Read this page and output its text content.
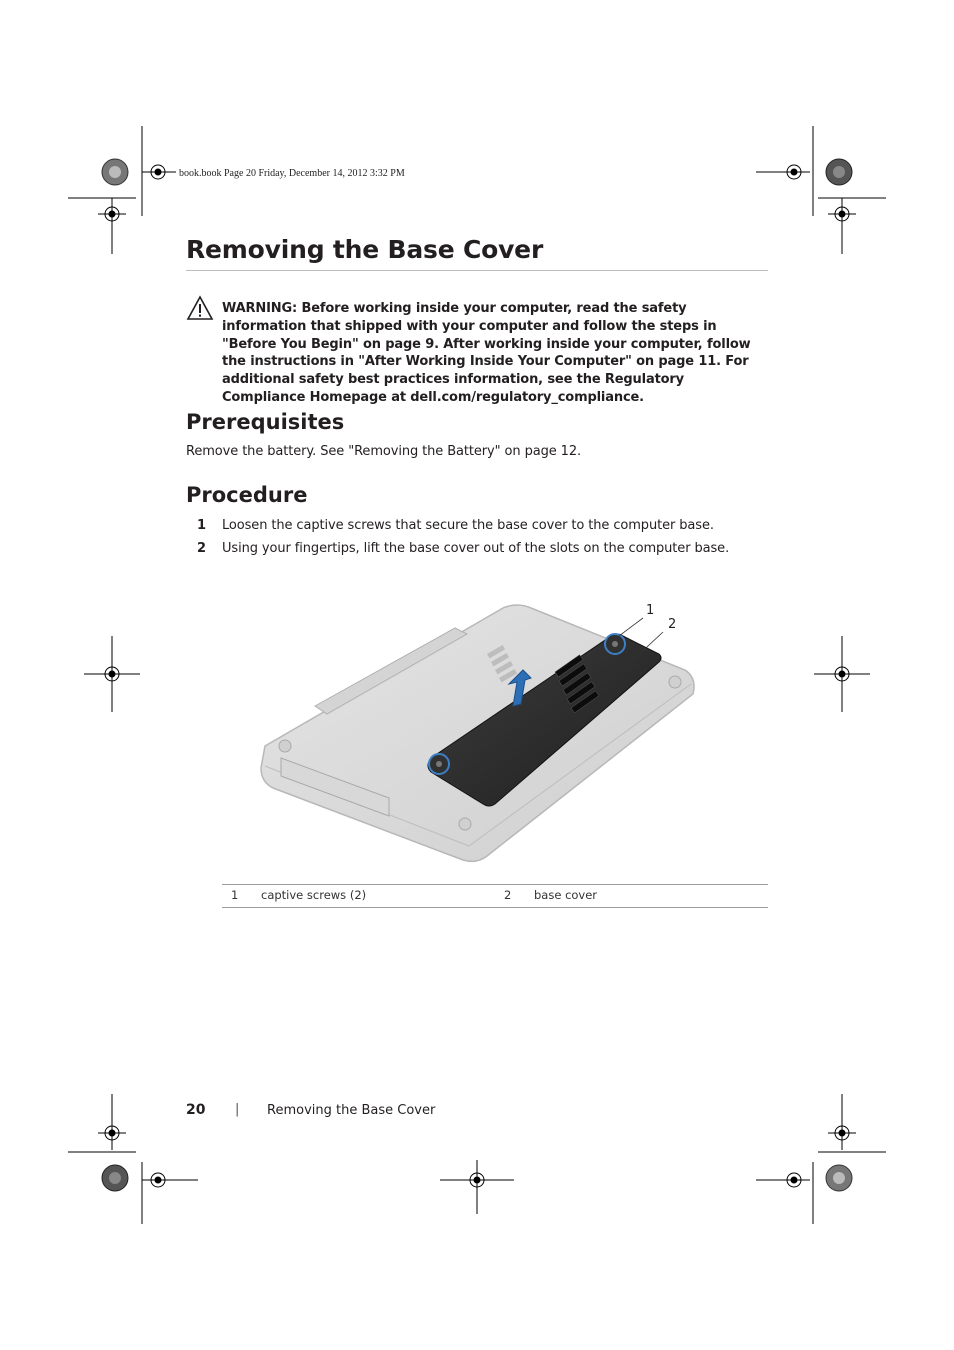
book.book Page 20 Friday, December 14, 2012 3:32 PM
Removing the Base Cover
WARNING: Before working inside your computer, read the safety information that shipped with your computer and follow the steps in "Before You Begin" on page 9. After working inside your computer, follow the instructions in "After Working Inside Your Computer" on page 11. For additional safety best practices information, see the Regulatory Compliance Homepage at dell.com/regulatory_compliance.
Prerequisites
Remove the battery. See "Removing the Battery" on page 12.
Procedure
1 Loosen the captive screws that secure the base cover to the computer base.
2 Using your fingertips, lift the base cover out of the slots on the computer base.
1
2
1 captive screws (2)	2 base cover
20 | Removing the Base Cover
